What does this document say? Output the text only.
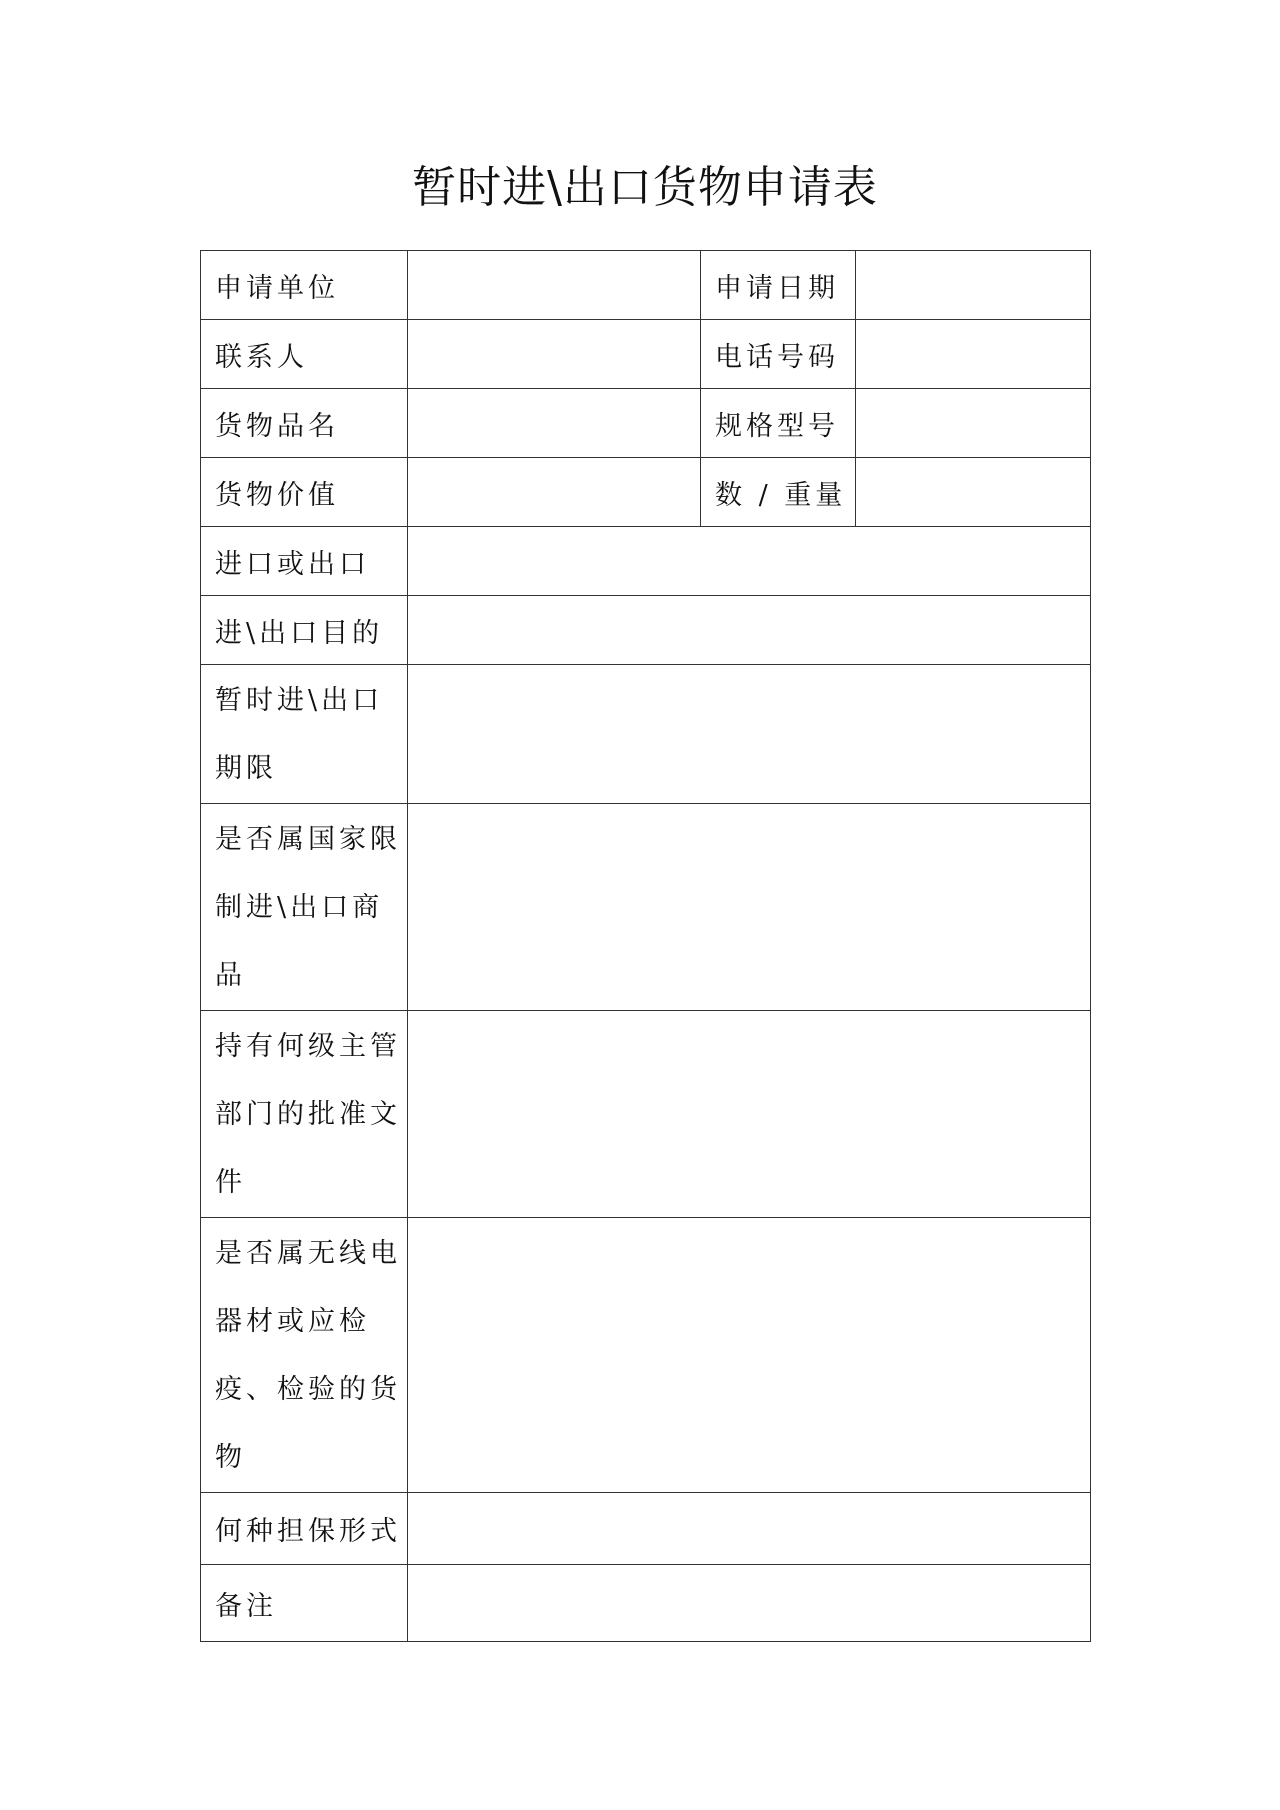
暂时进\出口货物申请表
申请单位		申请日期	
联系人		电话号码	
货物品名		规格型号	
货物价值		数 / 重量	
进口或出口			
进\出口目的			

暂时进\出口期限			

是否属国家限制进\出口商品			

持有何级主管部门的批准文件			

是否属无线电器材或应检疫、检验的货物			

何种担保形式			
备注			
